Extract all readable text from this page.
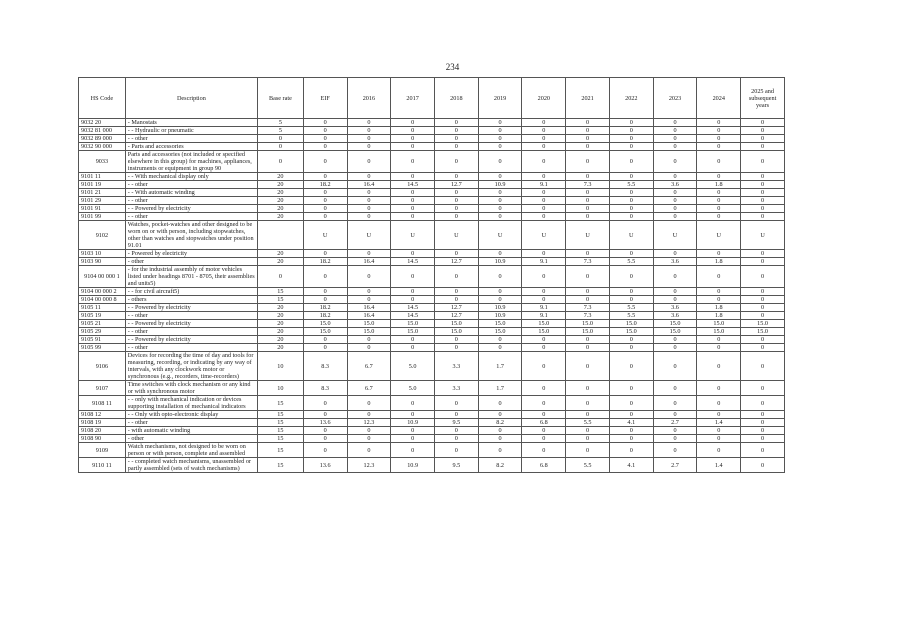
234
HS Code	Description	Base rate	EIF	2016	2017	2018	2019	2020	2021	2022	2023	2024	2025 and subsequent years
9032 20	- Manostats	5	0	0	0	0	0	0	0	0	0	0	0
9032 81 000	- - Hydraulic or pneumatic	5	0	0	0	0	0	0	0	0	0	0	0
9032 89 000	- - other	0	0	0	0	0	0	0	0	0	0	0	0
9032 90 000	- Parts and accessories	0	0	0	0	0	0	0	0	0	0	0	0
9033	Parts and accessories (not included or specified elsewhere in this group) for machines, appliances, instruments or equipment in group 90	0	0	0	0	0	0	0	0	0	0	0	0
9101 11	- - With mechanical display only	20	0	0	0	0	0	0	0	0	0	0	0
9101 19	- - other	20	18.2	16.4	14.5	12.7	10.9	9.1	7.3	5.5	3.6	1.8	0
9101 21	- - With automatic winding	20	0	0	0	0	0	0	0	0	0	0	0
9101 29	- - other	20	0	0	0	0	0	0	0	0	0	0	0
9101 91	- - Powered by electricity	20	0	0	0	0	0	0	0	0	0	0	0
9101 99	- - other	20	0	0	0	0	0	0	0	0	0	0	0
9102	Watches, pocket-watches and other designed to be worn on or with person, including stopwatches, other than watches and stopwatches under position 91.01		U	U	U	U	U	U	U	U	U	U	U
9103 10	- Powered by electricity	20	0	0	0	0	0	0	0	0	0	0	0
9103 90	- other	20	18.2	16.4	14.5	12.7	10.9	9.1	7.3	5.5	3.6	1.8	0
9104 00 000 1	- for the industrial assembly of motor vehicles listed under headings 8701 - 8705, their assemblies and units5)	0	0	0	0	0	0	0	0	0	0	0	0
9104 00 000 2	- - for civil aircraft5)	15	0	0	0	0	0	0	0	0	0	0	0
9104 00 000 8	- others	15	0	0	0	0	0	0	0	0	0	0	0
9105 11	- - Powered by electricity	20	18.2	16.4	14.5	12.7	10.9	9.1	7.3	5.5	3.6	1.8	0
9105 19	- - other	20	18.2	16.4	14.5	12.7	10.9	9.1	7.3	5.5	3.6	1.8	0
9105 21	- - Powered by electricity	20	15.0	15.0	15.0	15.0	15.0	15.0	15.0	15.0	15.0	15.0	15.0
9105 29	- - other	20	15.0	15.0	15.0	15.0	15.0	15.0	15.0	15.0	15.0	15.0	15.0
9105 91	- - Powered by electricity	20	0	0	0	0	0	0	0	0	0	0	0
9105 99	- - other	20	0	0	0	0	0	0	0	0	0	0	0
9106	Devices for recording the time of day and tools for measuring, recording, or indicating by any way of intervals, with any clockwork motor or synchronous (e.g., recorders, time-recorders)	10	8.3	6.7	5.0	3.3	1.7	0	0	0	0	0	0
9107	Time switches with clock mechanism or any kind or with synchronous motor	10	8.3	6.7	5.0	3.3	1.7	0	0	0	0	0	0
9108 11	- - only with mechanical indication or devices supporting installation of mechanical indicators	15	0	0	0	0	0	0	0	0	0	0	0
9108 12	- - Only with opto-electronic display	15	0	0	0	0	0	0	0	0	0	0	0
9108 19	- - other	15	13.6	12.3	10.9	9.5	8.2	6.8	5.5	4.1	2.7	1.4	0
9108 20	- with automatic winding	15	0	0	0	0	0	0	0	0	0	0	0
9108 90	- other	15	0	0	0	0	0	0	0	0	0	0	0
9109	Watch mechanisms, not designed to be worn on person or with person, complete and assembled	15	0	0	0	0	0	0	0	0	0	0	0
9110 11	- - completed watch mechanisms, unassembled or partly assembled (sets of watch mechanisms)	15	13.6	12.3	10.9	9.5	8.2	6.8	5.5	4.1	2.7	1.4	0
